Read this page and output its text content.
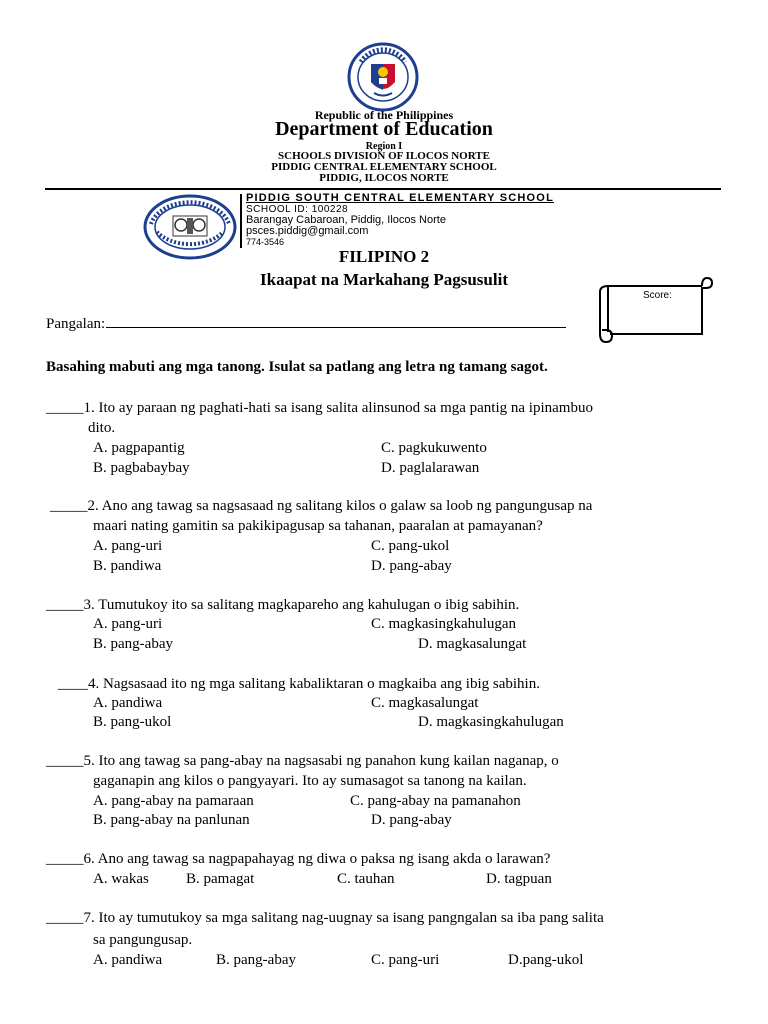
Republic of the Philippines
Department of Education
Region I
SCHOOLS DIVISION OF ILOCOS NORTE
PIDDIG CENTRAL ELEMENTARY SCHOOL
PIDDIG, ILOCOS NORTE
PIDDIG SOUTH CENTRAL ELEMENTARY SCHOOL
SCHOOL ID: 100228
Barangay Cabaroan, Piddig, Ilocos Norte
psces.piddig@gmail.com
774-3546
FILIPINO 2
Ikaapat na Markahang Pagsusulit
Score:
Pangalan:
Basahing mabuti ang mga tanong. Isulat sa patlang ang letra ng tamang sagot.
_____1. Ito ay paraan ng paghati-hati sa isang salita alinsunod sa mga pantig na ipinambuo
dito.
A. pagpapantig	C. pagkukuwento
B. pagbabaybay	D. paglalarawan
_____2. Ano ang tawag sa nagsasaad ng salitang kilos o galaw sa loob ng pangungusap na
maari nating gamitin sa pakikipagusap sa tahanan, paaralan at pamayanan?
A. pang-uri	C. pang-ukol
B. pandiwa	D. pang-abay
_____3. Tumutukoy ito sa salitang magkapareho ang kahulugan o ibig sabihin.
A. pang-uri	C. magkasingkahulugan
B. pang-abay	D. magkasalungat
____4. Nagsasaad ito ng mga salitang kabaliktaran o magkaiba ang ibig sabihin.
A. pandiwa	C. magkasalungat
B. pang-ukol	D. magkasingkahulugan
_____5. Ito ang tawag sa pang-abay na nagsasabi ng panahon kung kailan naganap, o
gaganapin ang kilos o pangyayari. Ito ay sumasagot sa tanong na kailan.
A. pang-abay na pamaraan	C. pang-abay na pamanahon
B. pang-abay na panlunan	D. pang-abay
_____6. Ano ang tawag sa nagpapahayag ng diwa o paksa ng isang akda o larawan?
A. wakas B. pamagat	C. tauhan	D. tagpuan
_____7. Ito ay tumutukoy sa mga salitang nag-uugnay sa isang pangngalan sa iba pang salita
sa pangungusap.
A. pandiwa	B. pang-abay	C. pang-uri	D.pang-ukol
